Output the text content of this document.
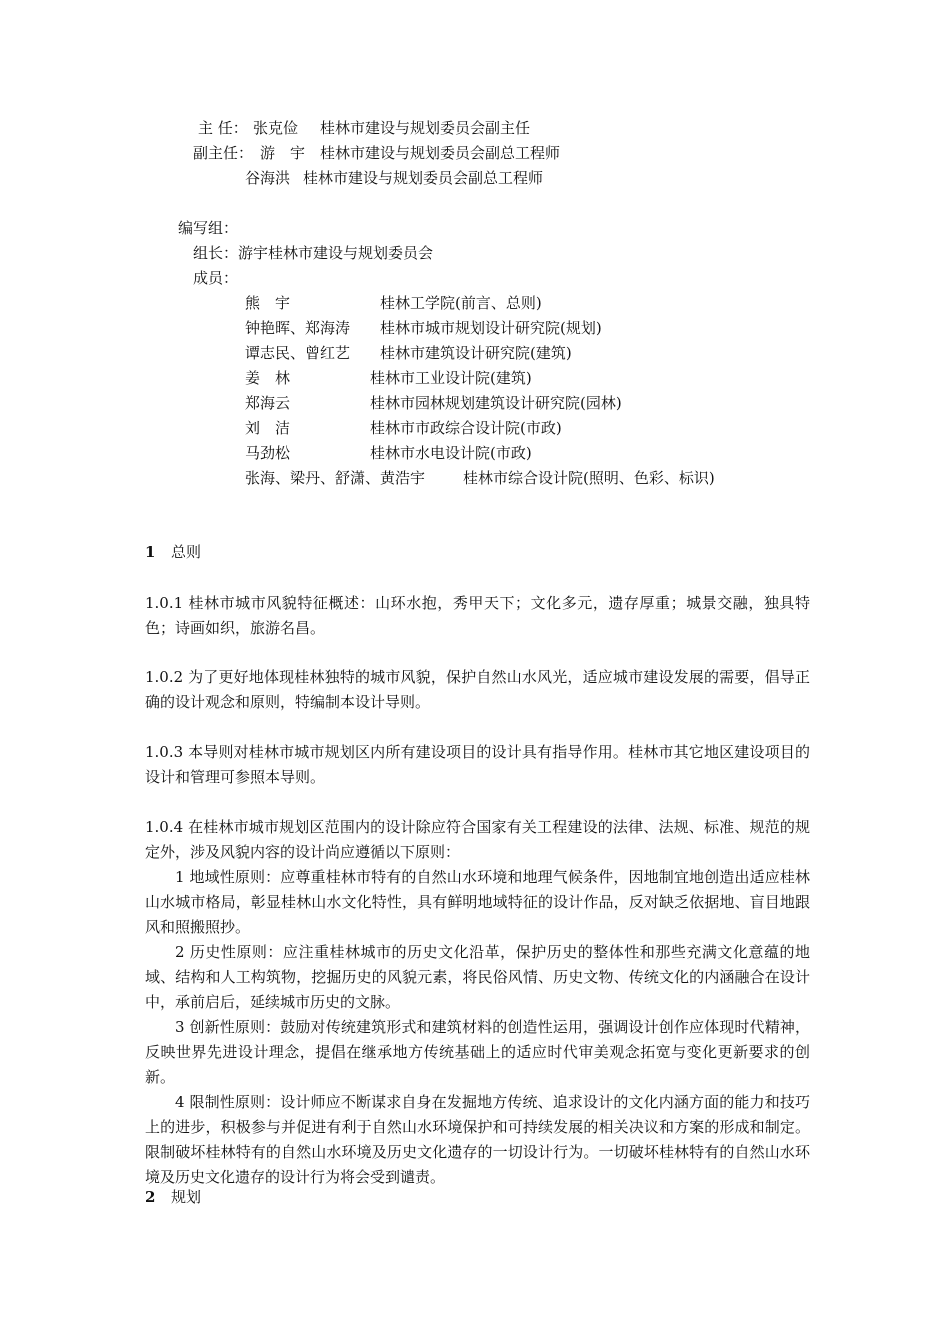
主 任： 张克俭 桂林市建设与规划委员会副主任
副主任： 游　宇 桂林市建设与规划委员会副总工程师
谷海洪 桂林市建设与规划委员会副总工程师
编写组：
组长：游宇桂林市建设与规划委员会
成员：
熊　宇	桂林工学院(前言、总则)
钟艳晖、郑海涛 桂林市城市规划设计研究院(规划)
谭志民、曾红艺 桂林市建筑设计研究院(建筑)
姜　林	桂林市工业设计院(建筑)
郑海云	桂林市园林规划建筑设计研究院(园林)
刘　洁	桂林市市政综合设计院(市政)
马劲松	桂林市水电设计院(市政)
张海、梁丹、舒潇、黄浩宇	桂林市综合设计院(照明、色彩、标识)
1 总则
1.0.1 桂林市城市风貌特征概述：山环水抱，秀甲天下；文化多元，遗存厚重；城景交融，独具特色；诗画如织，旅游名昌。
1.0.2 为了更好地体现桂林独特的城市风貌，保护自然山水风光，适应城市建设发展的需要，倡导正确的设计观念和原则，特编制本设计导则。
1.0.3 本导则对桂林市城市规划区内所有建设项目的设计具有指导作用。桂林市其它地区建设项目的设计和管理可参照本导则。
1.0.4 在桂林市城市规划区范围内的设计除应符合国家有关工程建设的法律、法规、标准、规范的规定外，涉及风貌内容的设计尚应遵循以下原则：
1 地域性原则：应尊重桂林市特有的自然山水环境和地理气候条件，因地制宜地创造出适应桂林山水城市格局，彰显桂林山水文化特性，具有鲜明地域特征的设计作品，反对缺乏依据地、盲目地跟风和照搬照抄。
2 历史性原则：应注重桂林城市的历史文化沿革，保护历史的整体性和那些充满文化意蕴的地域、结构和人工构筑物，挖掘历史的风貌元素，将民俗风情、历史文物、传统文化的内涵融合在设计中，承前启后，延续城市历史的文脉。
3 创新性原则：鼓励对传统建筑形式和建筑材料的创造性运用，强调设计创作应体现时代精神，反映世界先进设计理念，提倡在继承地方传统基础上的适应时代审美观念拓宽与变化更新要求的创新。
4 限制性原则：设计师应不断谋求自身在发掘地方传统、追求设计的文化内涵方面的能力和技巧上的进步，积极参与并促进有利于自然山水环境保护和可持续发展的相关决议和方案的形成和制定。限制破坏桂林特有的自然山水环境及历史文化遗存的一切设计行为。一切破坏桂林特有的自然山水环境及历史文化遗存的设计行为将会受到谴责。
2 规划
